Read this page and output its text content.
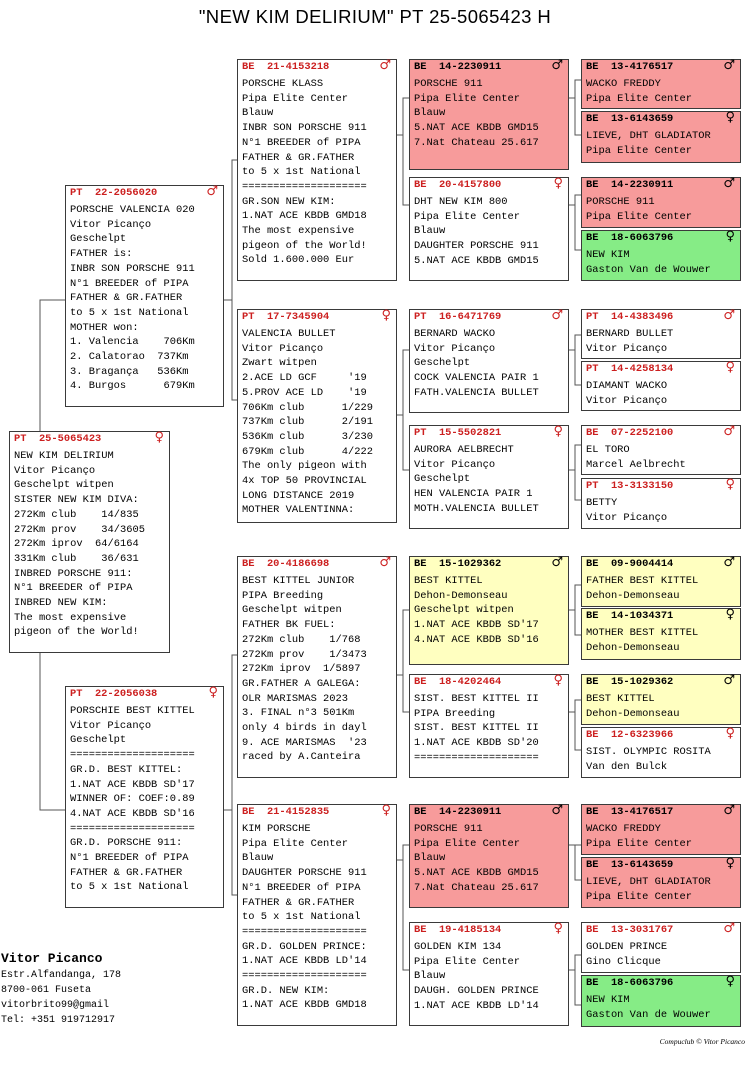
"NEW KIM DELIRIUM" PT 25-5065423 H
PT  25-5065423	♀
NEW KIM DELIRIUM
Vitor Picanço
Geschelpt witpen
SISTER NEW KIM DIVA:
272Km club    14/835
272Km prov    34/3605
272Km iprov  64/6164
331Km club    36/631
INBRED PORSCHE 911:
N°1 BREEDER of PIPA
INBRED NEW KIM:
The most expensive
pigeon of the World!
PT  22-2056020	♂
PORSCHE VALENCIA 020
Vitor Picanço
Geschelpt
FATHER is:
INBR SON PORSCHE 911
N°1 BREEDER of PIPA
FATHER & GR.FATHER
to 5 x 1st National
MOTHER won:
1. Valencia    706Km
2. Calatorao  737Km
3. Bragança   536Km
4. Burgos      679Km
PT  22-2056038	♀
PORSCHIE BEST KITTEL
Vitor Picanço
Geschelpt
====================
GR.D. BEST KITTEL:
1.NAT ACE KBDB SD'17
WINNER OF: COEF:0.89
4.NAT ACE KBDB SD'16
====================
GR.D. PORSCHE 911:
N°1 BREEDER of PIPA
FATHER & GR.FATHER
to 5 x 1st National
BE  21-4153218	♂
PORSCHE KLASS
Pipa Elite Center
Blauw
INBR SON PORSCHE 911
N°1 BREEDER of PIPA
FATHER & GR.FATHER
to 5 x 1st National
====================
GR.SON NEW KIM:
1.NAT ACE KBDB GMD18
The most expensive
pigeon of the World!
Sold 1.600.000 Eur
PT  17-7345904	♀
VALENCIA BULLET
Vitor Picanço
Zwart witpen
2.ACE LD GCF     '19
5.PROV ACE LD    '19
706Km club      1/229
737Km club      2/191
536Km club      3/230
679Km club      4/222
The only pigeon with
4x TOP 50 PROVINCIAL
LONG DISTANCE 2019
MOTHER VALENTINNA:
BE  20-4186698	♂
BEST KITTEL JUNIOR
PIPA Breeding
Geschelpt witpen
FATHER BK FUEL:
272Km club    1/768
272Km prov    1/3473
272Km iprov  1/5897
GR.FATHER A GALEGA:
OLR MARISMAS 2023
3. FINAL n°3 501Km
only 4 birds in dayl
9. ACE MARISMAS  '23
raced by A.Canteira
BE  21-4152835	♀
KIM PORSCHE
Pipa Elite Center
Blauw
DAUGHTER PORSCHE 911
N°1 BREEDER of PIPA
FATHER & GR.FATHER
to 5 x 1st National
====================
GR.D. GOLDEN PRINCE:
1.NAT ACE KBDB LD'14
====================
GR.D. NEW KIM:
1.NAT ACE KBDB GMD18
BE  14-2230911	♂
PORSCHE 911
Pipa Elite Center
Blauw
5.NAT ACE KBDB GMD15
7.Nat Chateau 25.617
BE  20-4157800	♀
DHT NEW KIM 800
Pipa Elite Center
Blauw
DAUGHTER PORSCHE 911
5.NAT ACE KBDB GMD15
PT  16-6471769	♂
BERNARD WACKO
Vitor Picanço
Geschelpt
COCK VALENCIA PAIR 1
FATH.VALENCIA BULLET
PT  15-5502821	♀
AURORA AELBRECHT
Vitor Picanço
Geschelpt
HEN VALENCIA PAIR 1
MOTH.VALENCIA BULLET
BE  15-1029362	♂
BEST KITTEL
Dehon-Demonseau
Geschelpt witpen
1.NAT ACE KBDB SD'17
4.NAT ACE KBDB SD'16
BE  18-4202464	♀
SIST. BEST KITTEL II
PIPA Breeding
SIST. BEST KITTEL II
1.NAT ACE KBDB SD'20
====================
BE  14-2230911	♂
PORSCHE 911
Pipa Elite Center
Blauw
5.NAT ACE KBDB GMD15
7.Nat Chateau 25.617
BE  19-4185134	♀
GOLDEN KIM 134
Pipa Elite Center
Blauw
DAUGH. GOLDEN PRINCE
1.NAT ACE KBDB LD'14
BE  13-4176517	♂
WACKO FREDDY
Pipa Elite Center
BE  13-6143659	♀
LIEVE, DHT GLADIATOR
Pipa Elite Center
BE  14-2230911	♂
PORSCHE 911
Pipa Elite Center
BE  18-6063796	♀
NEW KIM
Gaston Van de Wouwer
PT  14-4383496	♂
BERNARD BULLET
Vitor Picanço
PT  14-4258134	♀
DIAMANT WACKO
Vitor Picanço
BE  07-2252100	♂
EL TORO
Marcel Aelbrecht
PT  13-3133150	♀
BETTY
Vitor Picanço
BE  09-9004414	♂
FATHER BEST KITTEL
Dehon-Demonseau
BE  14-1034371	♀
MOTHER BEST KITTEL
Dehon-Demonseau
BE  15-1029362	♂
BEST KITTEL
Dehon-Demonseau
BE  12-6323966	♀
SIST. OLYMPIC ROSITA
Van den Bulck
BE  13-4176517	♂
WACKO FREDDY
Pipa Elite Center
BE  13-6143659	♀
LIEVE, DHT GLADIATOR
Pipa Elite Center
BE  13-3031767	♂
GOLDEN PRINCE
Gino Clicque
BE  18-6063796	♀
NEW KIM
Gaston Van de Wouwer
Vitor Picanco
Estr.Alfandanga, 178
8700-061 Fuseta
vitorbrito99@gmail
Tel: +351 919712917
Compuclub © Vitor Picanco
